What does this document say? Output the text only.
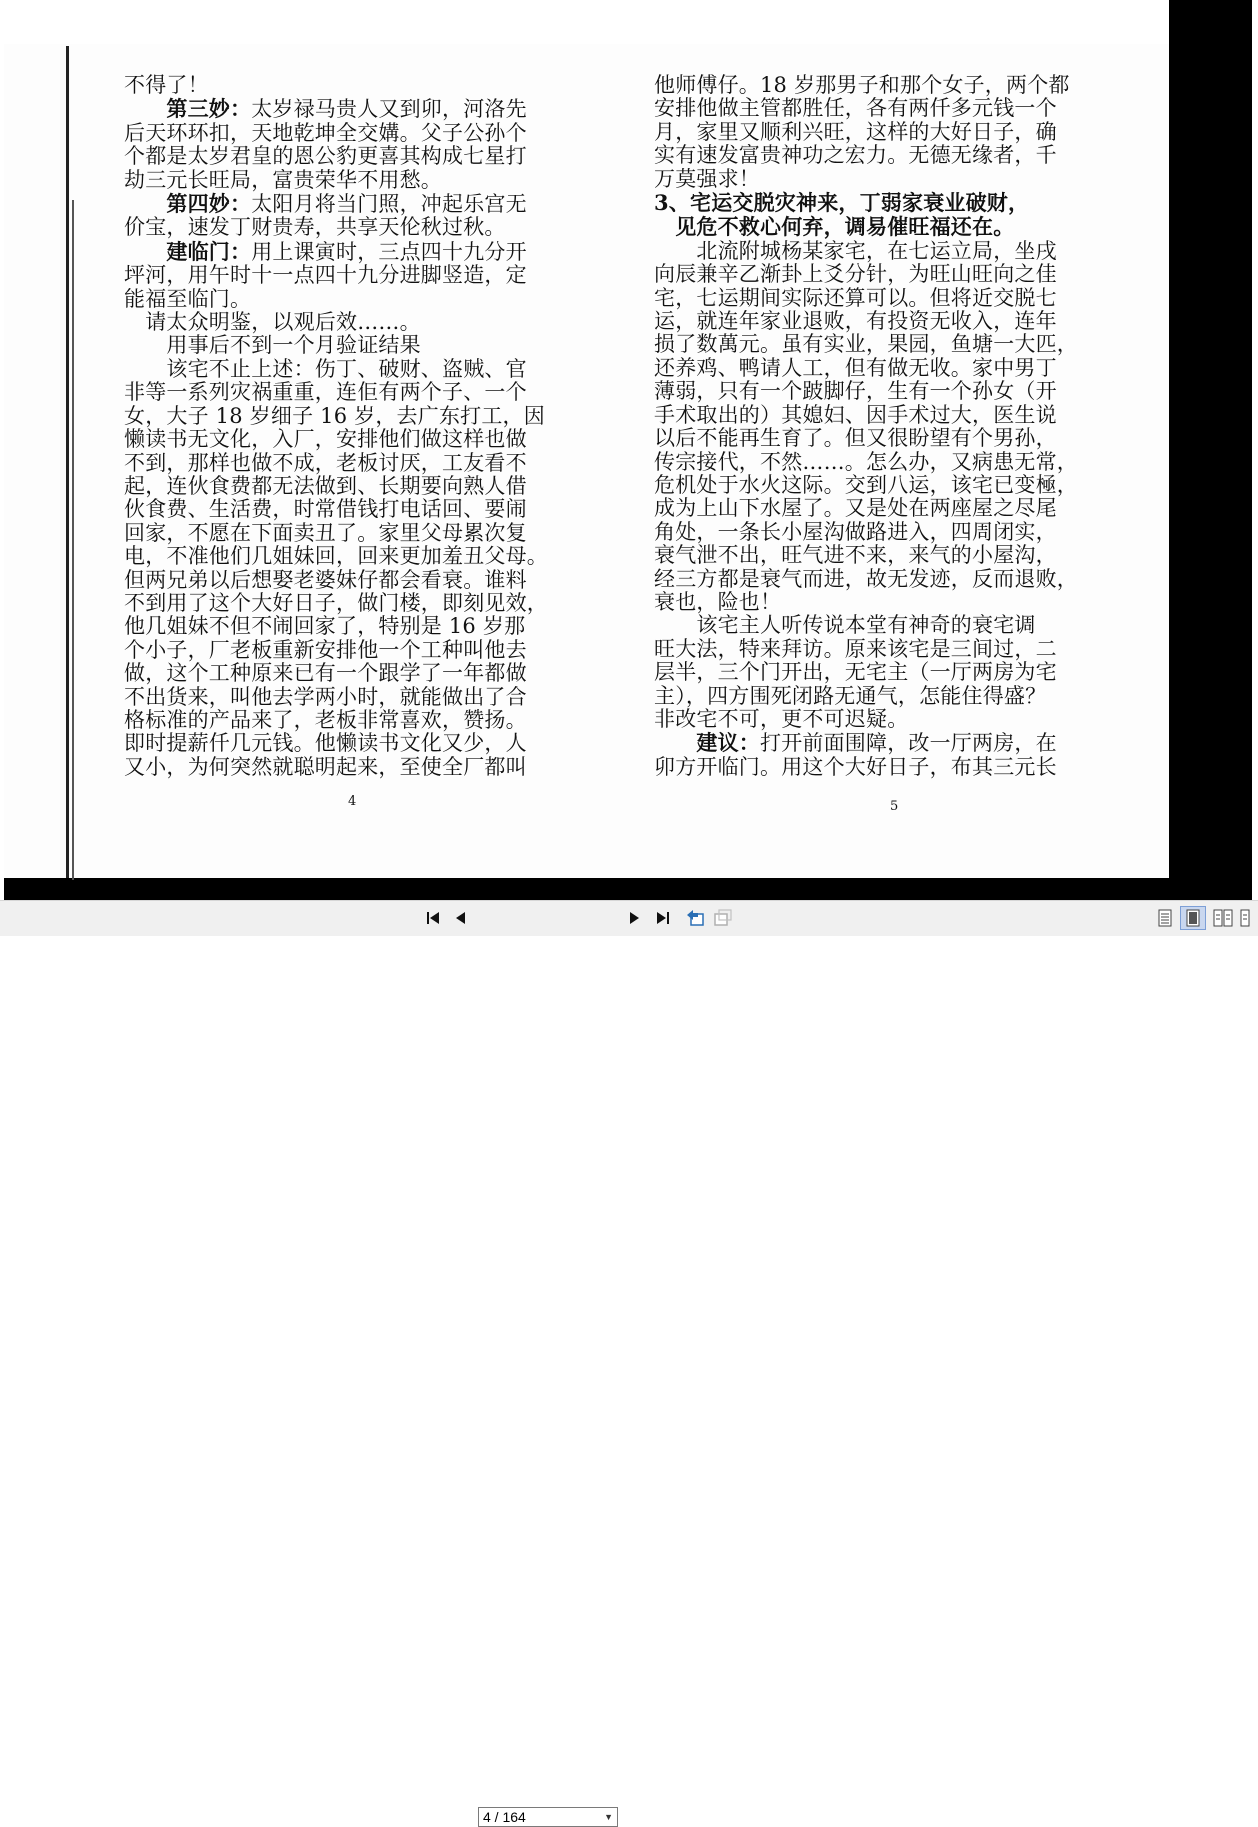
不得了！
　　第三妙：太岁禄马贵人又到卯，河洛先
后天环环扣，天地乾坤全交媾。父子公孙个
个都是太岁君皇的恩公豹更喜其构成七星打
劫三元长旺局，富贵荣华不用愁。
　　第四妙：太阳月将当门照，冲起乐宫无
价宝，速发丁财贵寿，共享天伦秋过秋。
　　建临门：用上课寅时，三点四十九分开
坪河，用午时十一点四十九分进脚竖造，定
能福至临门。
　请太众明鉴，以观后效……。
　　用事后不到一个月验证结果
　　该宅不止上述：伤丁、破财、盗贼、官
非等一系列灾祸重重，连佢有两个子、一个
女，大子 18 岁细子 16 岁，去广东打工，因
懒读书无文化，入厂，安排他们做这样也做
不到，那样也做不成，老板讨厌，工友看不
起，连伙食费都无法做到、长期要向熟人借
伙食费、生活费，时常借钱打电话回、要闹
回家，不愿在下面卖丑了。家里父母累次复
电，不准他们几姐妹回，回来更加羞丑父母。
但两兄弟以后想娶老婆妹仔都会看衰。谁料
不到用了这个大好日子，做门楼，即刻见效，
他几姐妹不但不闹回家了，特别是 16 岁那
个小子，厂老板重新安排他一个工种叫他去
做，这个工种原来已有一个跟学了一年都做
不出货来，叫他去学两小时，就能做出了合
格标准的产品来了，老板非常喜欢，赞扬。
即时提薪仟几元钱。他懒读书文化又少，人
又小，为何突然就聪明起来，至使全厂都叫
他师傅仔。18 岁那男子和那个女子，两个都
安排他做主管都胜任，各有两仟多元钱一个
月，家里又顺利兴旺，这样的大好日子，确
实有速发富贵神功之宏力。无德无缘者，千
万莫强求！
3、宅运交脱灾神来，丁弱家衰业破财，
　见危不救心何弃，调易催旺福还在。
　　北流附城杨某家宅，在七运立局，坐戌
向辰兼辛乙渐卦上爻分针，为旺山旺向之佳
宅，七运期间实际还算可以。但将近交脱七
运，就连年家业退败，有投资无收入，连年
损了数萬元。虽有实业，果园，鱼塘一大匹，
还养鸡、鸭请人工，但有做无收。家中男丁
薄弱，只有一个跛脚仔，生有一个孙女（开
手术取出的）其媳妇、因手术过大，医生说
以后不能再生育了。但又很盼望有个男孙，
传宗接代，不然……。怎么办，又病患无常，
危机处于水火这际。交到八运，该宅已变極，
成为上山下水屋了。又是处在两座屋之尽尾
角处，一条长小屋沟做路进入，四周闭实，
衰气泄不出，旺气进不来，来气的小屋沟，
经三方都是衰气而进，故无发迹，反而退败，
衰也，险也！
　　该宅主人听传说本堂有神奇的衰宅调
旺大法，特来拜访。原来该宅是三间过，二
层半，三个门开出，无宅主（一厅两房为宅
主），四方围死闭路无通气，怎能住得盛？
非改宅不可，更不可迟疑。
　　建议：打开前面围障，改一厅两房，在
卯方开临门。用这个大好日子，布其三元长
4	5
4 / 164	▼
